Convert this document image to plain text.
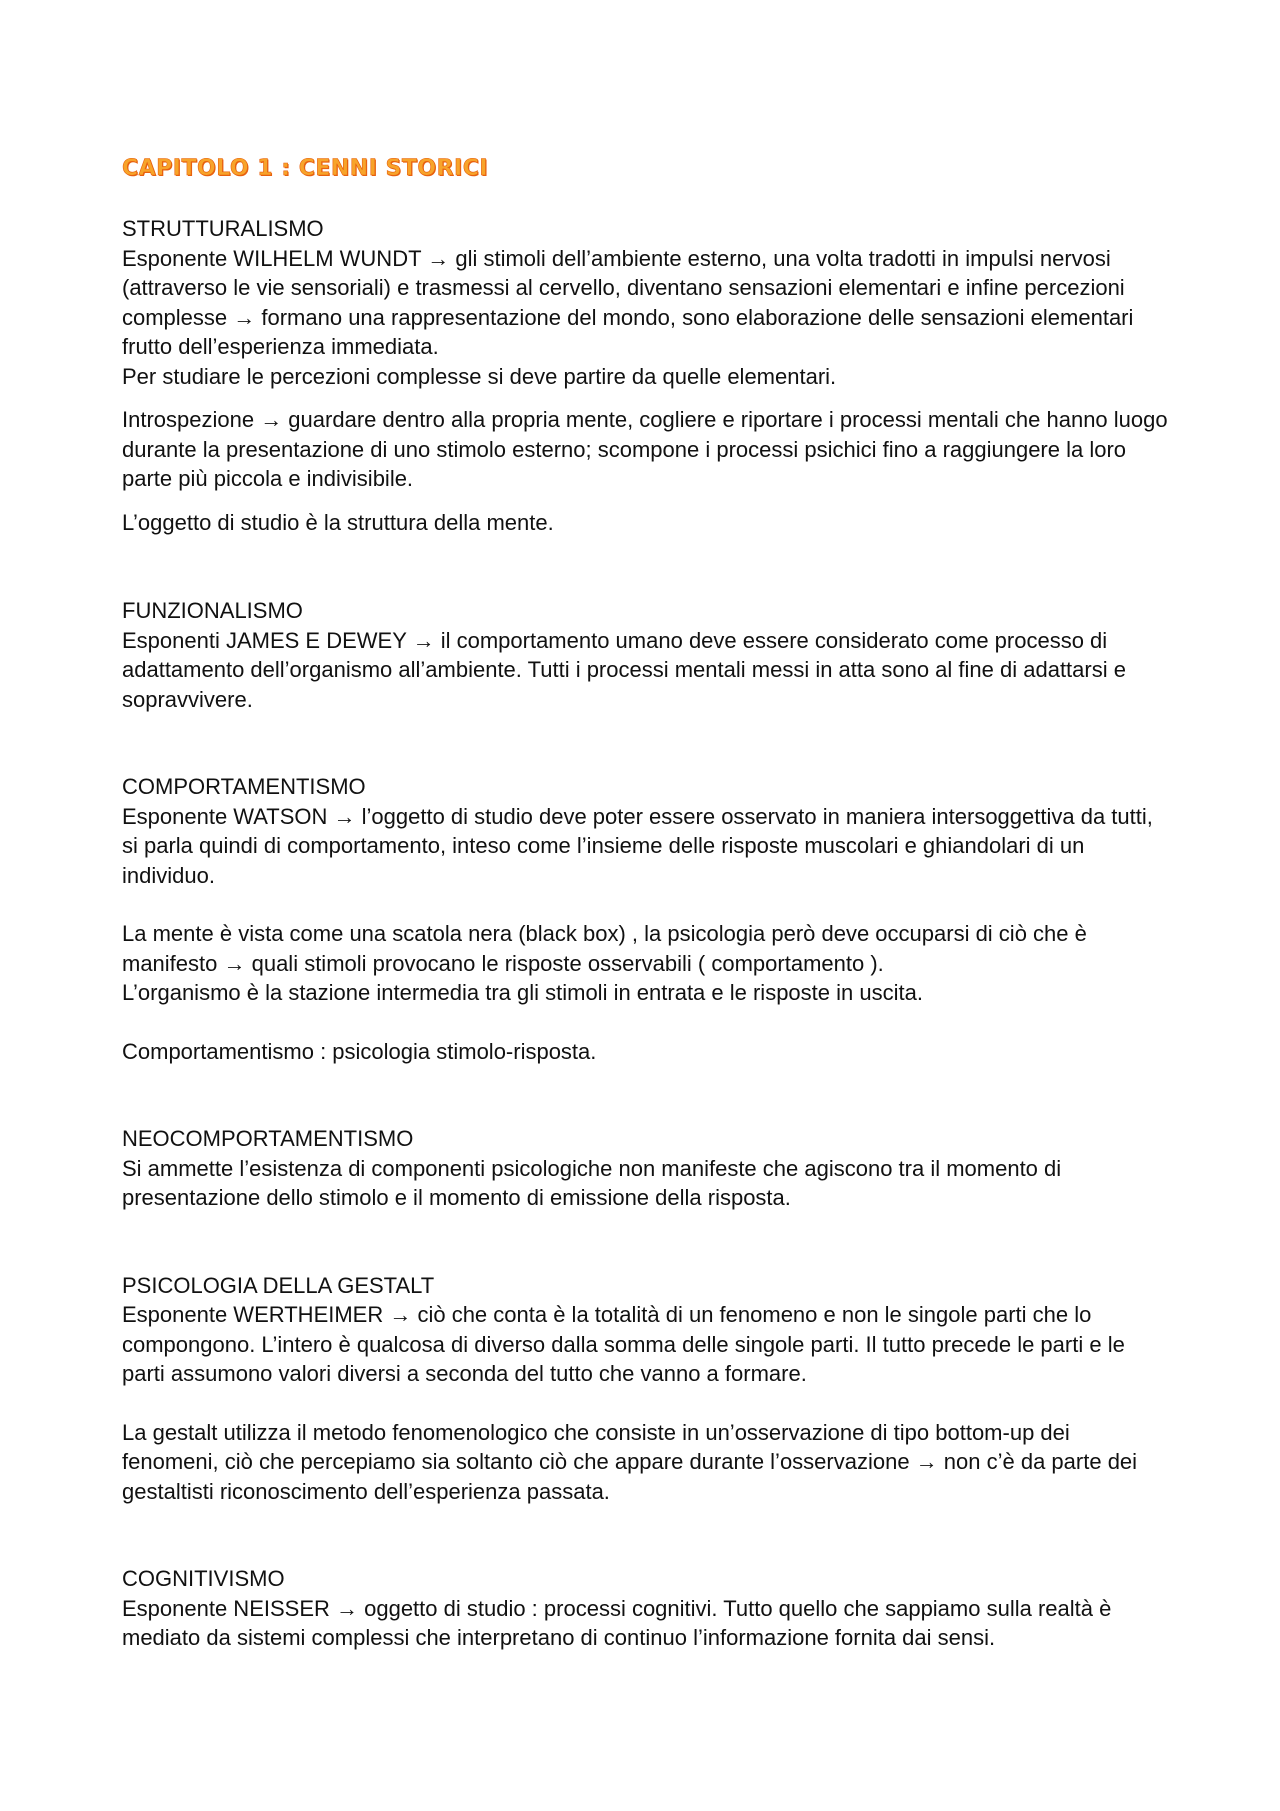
CAPITOLO 1 : CENNI STORICI

STRUTTURALISMO

Esponente WILHELM WUNDT → gli stimoli dell’ambiente esterno, una volta tradotti in impulsi nervosi (attraverso le vie sensoriali) e trasmessi al cervello, diventano sensazioni elementari e infine percezioni complesse → formano una rappresentazione del mondo, sono elaborazione delle sensazioni elementari frutto dell’esperienza immediata.

Per studiare le percezioni complesse si deve partire da quelle elementari.

Introspezione → guardare dentro alla propria mente, cogliere e riportare i processi mentali che hanno luogo durante la presentazione di uno stimolo esterno; scompone i processi psichici fino a raggiungere la loro parte più piccola e indivisibile.

L’oggetto di studio è la struttura della mente.

FUNZIONALISMO

Esponenti JAMES E DEWEY → il comportamento umano deve essere considerato come processo di adattamento dell’organismo all’ambiente. Tutti i processi mentali messi in atta sono al fine di adattarsi e sopravvivere.

COMPORTAMENTISMO

Esponente WATSON → l’oggetto di studio deve poter essere osservato in maniera intersoggettiva da tutti, si parla quindi di comportamento, inteso come l’insieme delle risposte muscolari e ghiandolari di un individuo.

La mente è vista come una scatola nera (black box) , la psicologia però deve occuparsi di ciò che è manifesto → quali stimoli provocano le risposte osservabili ( comportamento ).

L’organismo è la stazione intermedia tra gli stimoli in entrata e le risposte in uscita.

Comportamentismo : psicologia stimolo-risposta.

NEOCOMPORTAMENTISMO

Si ammette l’esistenza di componenti psicologiche non manifeste che agiscono tra il momento di presentazione dello stimolo e il momento di emissione della risposta.

PSICOLOGIA DELLA GESTALT

Esponente WERTHEIMER → ciò che conta è la totalità di un fenomeno e non le singole parti che lo compongono. L’intero è qualcosa di diverso dalla somma delle singole parti. Il tutto precede le parti e le parti assumono valori diversi a seconda del tutto che vanno a formare.

La gestalt utilizza il metodo fenomenologico che consiste in un’osservazione di tipo bottom-up dei fenomeni, ciò che percepiamo sia soltanto ciò che appare durante l’osservazione → non c’è da parte dei gestaltisti riconoscimento dell’esperienza passata.

COGNITIVISMO

Esponente NEISSER → oggetto di studio : processi cognitivi. Tutto quello che sappiamo sulla realtà è mediato da sistemi complessi che interpretano di continuo l’informazione fornita dai sensi.
